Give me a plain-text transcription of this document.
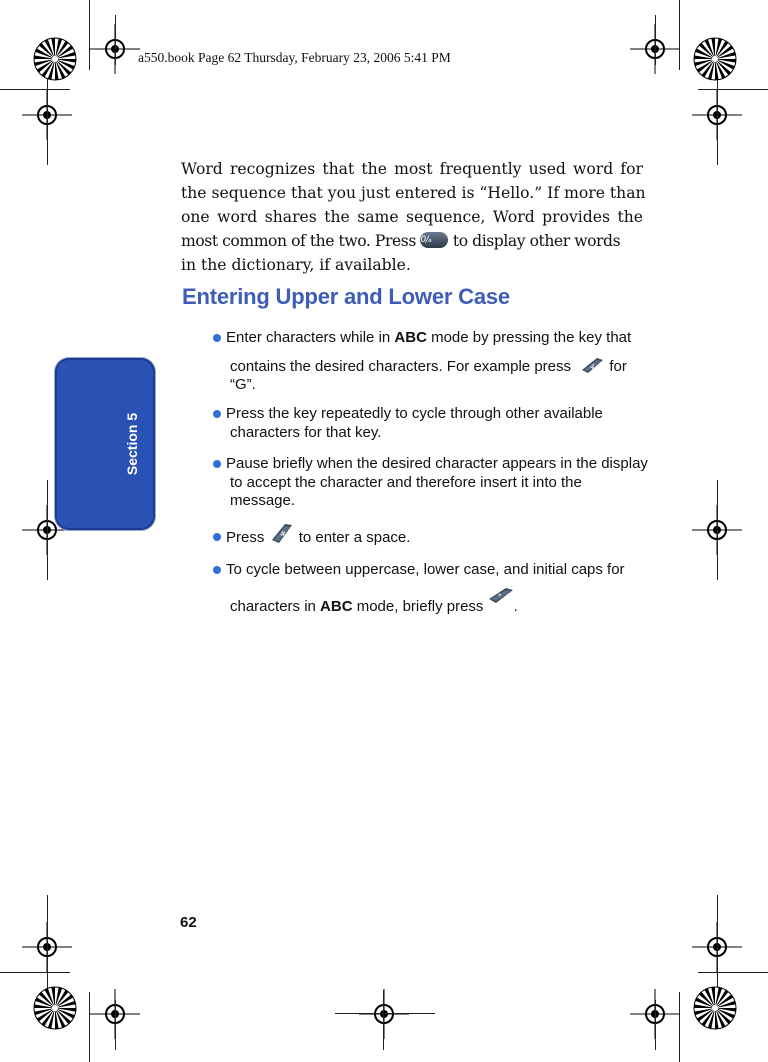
a550.book Page 62 Thursday, February 23, 2006 5:41 PM
Section 5
Word recognizes that the most frequently used word for
the sequence that you just entered is “Hello.” If more than
one word shares the same sequence, Word provides the
most common of the two. Press 0/ₐ to display other words
in the dictionary, if available.
Entering Upper and Lower Case
Enter characters while in ABC mode by pressing the key that
contains the desired characters. For example press	4 for
“G”.
Press the key repeatedly to cycle through other available
characters for that key.
Pause briefly when the desired character appears in the display
to accept the character and therefore insert it into the
message.
Press # to enter a space.
To cycle between uppercase, lower case, and initial caps for
characters in ABC mode, briefly press
*
.
62
